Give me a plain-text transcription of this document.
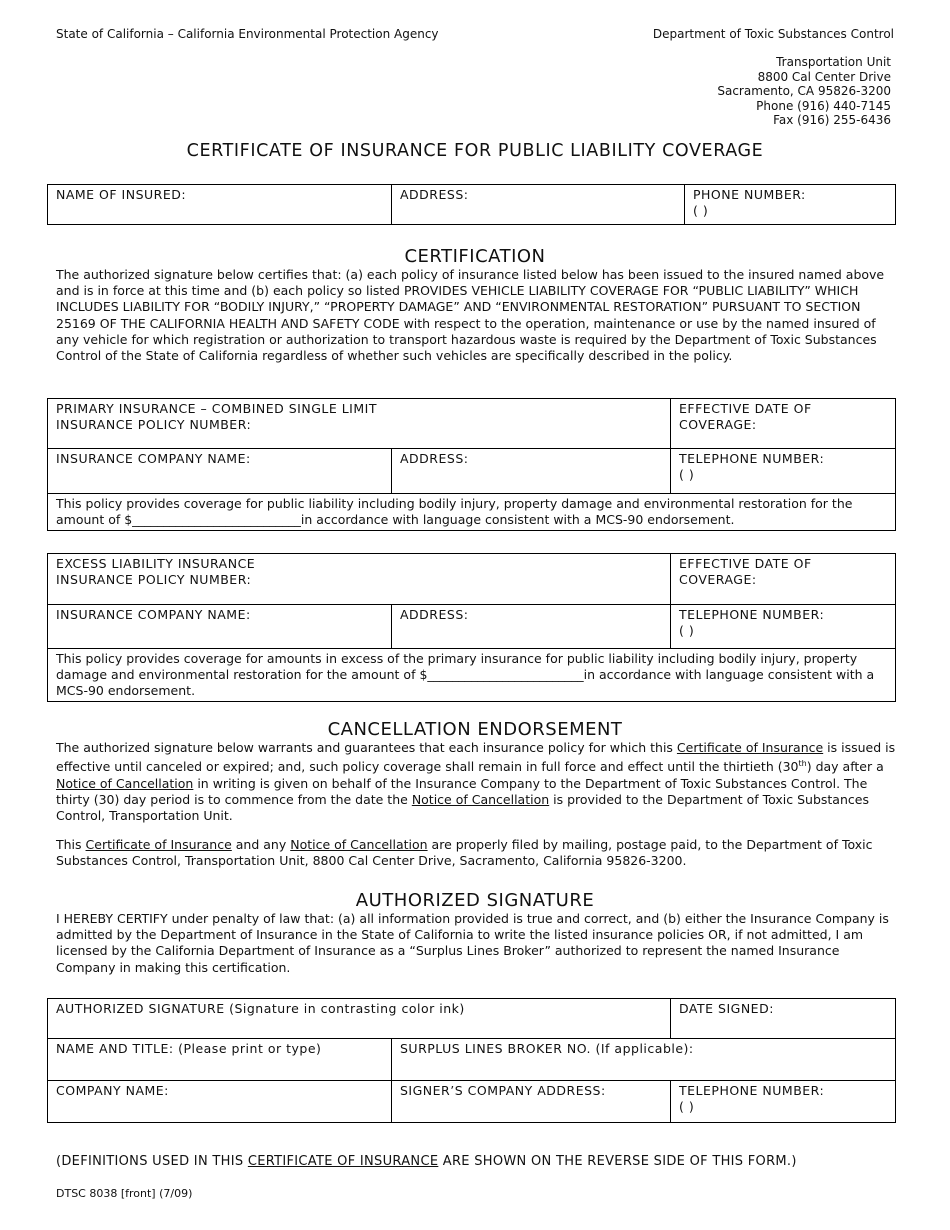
State of California – California Environmental Protection Agency	Department of Toxic Substances Control
Transportation Unit
8800 Cal Center Drive
Sacramento, CA 95826-3200
Phone (916) 440-7145
Fax (916) 255-6436
CERTIFICATE OF INSURANCE FOR PUBLIC LIABILITY COVERAGE
NAME OF INSURED:	ADDRESS:	PHONE NUMBER:
( )
CERTIFICATION
The authorized signature below certifies that: (a) each policy of insurance listed below has been issued to the insured named above and is in force at this time and (b) each policy so listed PROVIDES VEHICLE LIABILITY COVERAGE FOR “PUBLIC LIABILITY” WHICH INCLUDES LIABILITY FOR “BODILY INJURY,” “PROPERTY DAMAGE” AND “ENVIRONMENTAL RESTORATION” PURSUANT TO SECTION 25169 OF THE CALIFORNIA HEALTH AND SAFETY CODE with respect to the operation, maintenance or use by the named insured of any vehicle for which registration or authorization to transport hazardous waste is required by the Department of Toxic Substances Control of the State of California regardless of whether such vehicles are specifically described in the policy.
PRIMARY INSURANCE – COMBINED SINGLE LIMIT
INSURANCE POLICY NUMBER:		EFFECTIVE DATE OF COVERAGE:
INSURANCE COMPANY NAME:	ADDRESS:	TELEPHONE NUMBER:
( )

This policy provides coverage for public liability including bodily injury, property damage and environmental restoration for the amount of $___________________________in accordance with language consistent with a MCS-90 endorsement.		
EXCESS LIABILITY INSURANCE
INSURANCE POLICY NUMBER:		EFFECTIVE DATE OF COVERAGE:
INSURANCE COMPANY NAME:	ADDRESS:	TELEPHONE NUMBER:
( )

This policy provides coverage for amounts in excess of the primary insurance for public liability including bodily injury, property damage and environmental restoration for the amount of $_________________________in accordance with language consistent with a MCS-90 endorsement.		
CANCELLATION ENDORSEMENT
The authorized signature below warrants and guarantees that each insurance policy for which this Certificate of Insurance is issued is effective until canceled or expired; and, such policy coverage shall remain in full force and effect until the thirtieth (30th) day after a Notice of Cancellation in writing is given on behalf of the Insurance Company to the Department of Toxic Substances Control. The thirty (30) day period is to commence from the date the Notice of Cancellation is provided to the Department of Toxic Substances Control, Transportation Unit.
This Certificate of Insurance and any Notice of Cancellation are properly filed by mailing, postage paid, to the Department of Toxic Substances Control, Transportation Unit, 8800 Cal Center Drive, Sacramento, California 95826-3200.
AUTHORIZED SIGNATURE
I HEREBY CERTIFY under penalty of law that: (a) all information provided is true and correct, and (b) either the Insurance Company is admitted by the Department of Insurance in the State of California to write the listed insurance policies OR, if not admitted, I am licensed by the California Department of Insurance as a “Surplus Lines Broker” authorized to represent the named Insurance Company in making this certification.
AUTHORIZED SIGNATURE (Signature in contrasting color ink)		DATE SIGNED:
NAME AND TITLE: (Please print or type)	SURPLUS LINES BROKER NO. (If applicable):	
COMPANY NAME:	SIGNER’S COMPANY ADDRESS:	TELEPHONE NUMBER:
( )
(DEFINITIONS USED IN THIS CERTIFICATE OF INSURANCE ARE SHOWN ON THE REVERSE SIDE OF THIS FORM.)
DTSC 8038 [front] (7/09)
